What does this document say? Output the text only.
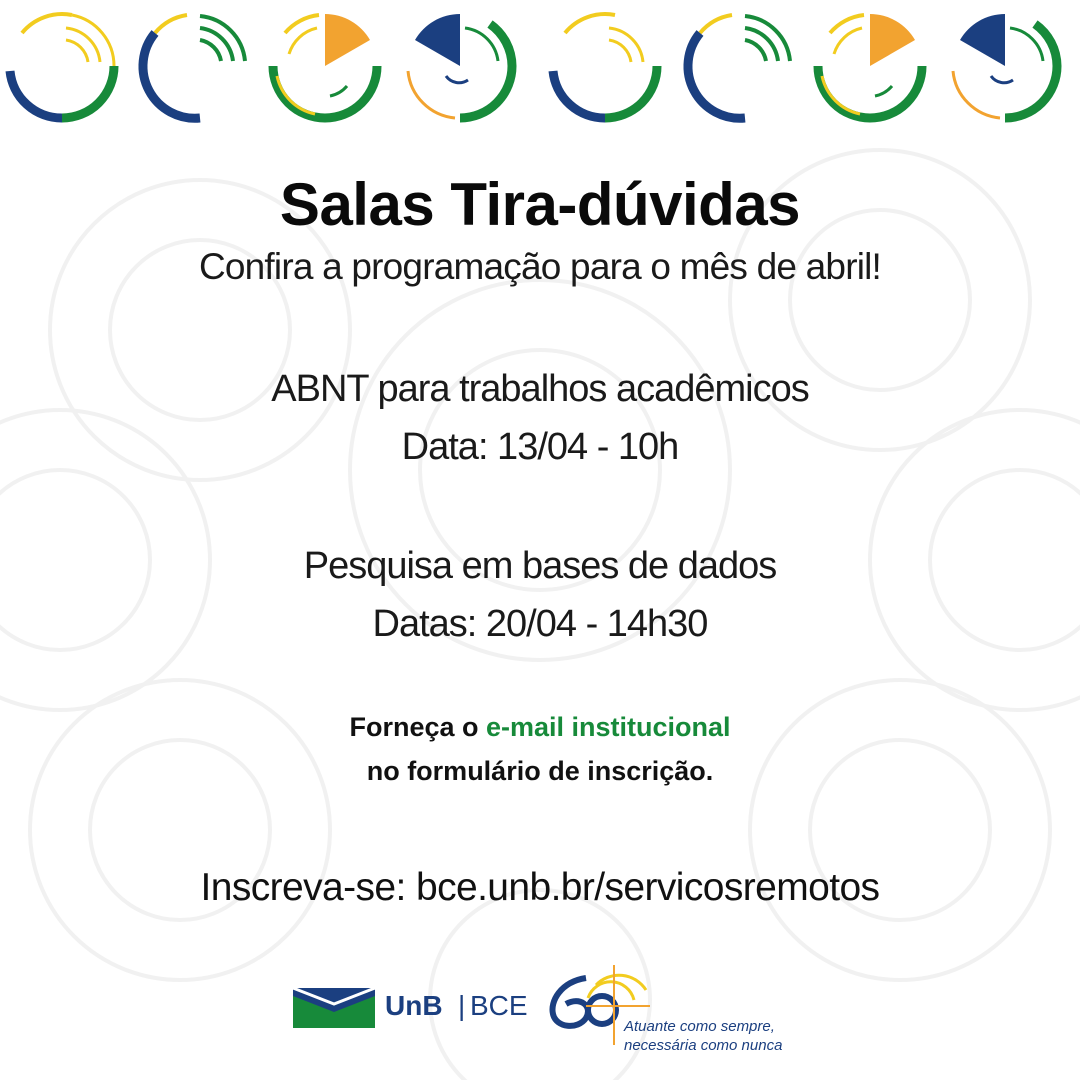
Salas Tira-dúvidas
Confira a programação para o mês de abril!
ABNT para trabalhos acadêmicos
Data: 13/04 - 10h
Pesquisa em bases de dados
Datas: 20/04 - 14h30
Forneça o e-mail institucional
no formulário de inscrição.
Inscreva-se: bce.unb.br/servicosremotos
UnB | BCE
Atuante como sempre,
necessária como nunca
